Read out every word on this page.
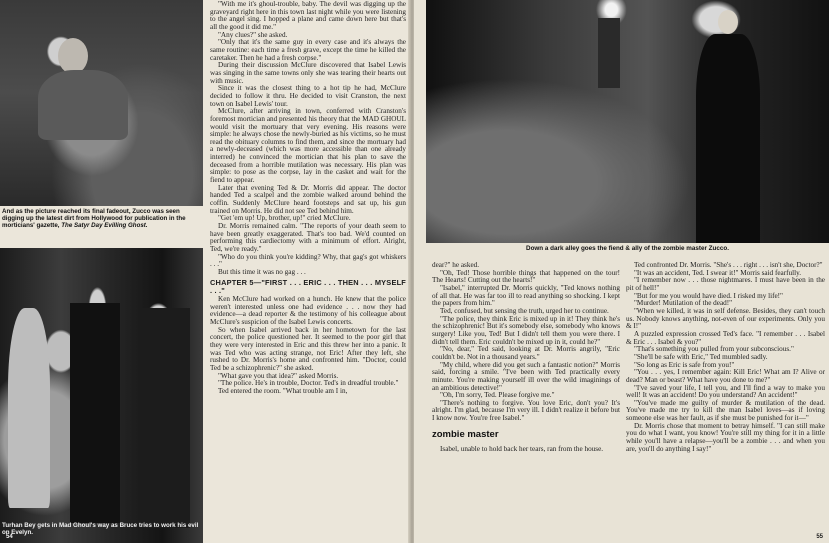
And as the picture reached its final fadeout, Zucco was seen digging up the latest dirt from Hollywood for publication in the morticians' gazette, The Satyr Day Evilling Ghost.
Turhan Bey gets in Mad Ghoul's way as Bruce tries to work his evil on Evelyn.
54

"With me it's ghoul-trouble, baby. The devil was digging up the graveyard right here in this town last night while you were listening to the angel sing. I hopped a plane and came down here but that's all the good it did me."

"Any clues?" she asked.

"Only that it's the same guy in every case and it's always the same routine: each time a fresh grave, except the time he killed the caretaker. Then he had a fresh corpse."

During their discussion McClure discovered that Isabel Lewis was singing in the same towns only she was tearing their hearts out with music.

Since it was the closest thing to a hot tip he had, McClure decided to follow it thru. He decided to visit Cranston, the next town on Isabel Lewis' tour.

McClure, after arriving in town, conferred with Cranston's foremost mortician and presented his theory that the MAD GHOUL would visit the mortuary that very evening. His reasons were simple: he always chose the newly-buried as his victims, so he must read the obituary columns to find them, and since the mortuary had a newly-deceased (which was more accessible than one already interred) he convinced the mortician that his plan to save the deceased from a horrible mutilation was necessary. His plan was simple: to pose as the corpse, lay in the casket and wait for the fiend to appear.

Later that evening Ted & Dr. Morris did appear. The doctor handed Ted a scalpel and the zombie walked around behind the coffin. Suddenly McClure heard footsteps and sat up, his gun trained on Morris. He did not see Ted behind him.

"Get 'em up! Up, brother, up!" cried McClure.

Dr. Morris remained calm. "The reports of your death seem to have been greatly exaggerated. That's too bad. We'd counted on performing this cardiectomy with a minimum of effort. Alright, Ted, we're ready."

"Who do you think you're kidding? Why, that gag's got whiskers . . ."

But this time it was no gag . . .

CHAPTER 5—"FIRST . . . ERIC . . . THEN . . . MYSELF . . ."

Ken McClure had worked on a hunch. He knew that the police weren't interested unless one had evidence . . . now they had evidence—a dead reporter & the testimony of his colleague about McClure's suspicion of the Isabel Lewis concerts.

So when Isabel arrived back in her hometown for the last concert, the police questioned her. It seemed to the poor girl that they were very interested in Eric and this threw her into a panic. It was Ted who was acting strange, not Eric! After they left, she rushed to Dr. Morris's home and confronted him. "Doctor, could Ted be a schizophrenic?" she asked.

"What gave you that idea?" asked Morris.

"The police. He's in trouble, Doctor. Ted's in dreadful trouble."

Ted entered the room. "What trouble am I in,

Down a dark alley goes the fiend & ally of the zombie master Zucco.

dear?" he asked.

"Oh, Ted! Those horrible things that happened on the tour! The Hearts! Cutting out the hearts!"

"Isabel," interrupted Dr. Morris quickly, "Ted knows nothing of all that. He was far too ill to read anything so shocking. I kept the papers from him."

Ted, confused, but sensing the truth, urged her to continue.

"The police, they think Eric is mixed up in it! They think he's the schizophrenic! But it's somebody else, somebody who knows surgery! Like you, Ted! But I didn't tell them you were there. I didn't tell them. Eric couldn't be mixed up in it, could he?"

"No, dear," Ted said, looking at Dr. Morris angrily, "Eric couldn't be. Not in a thousand years."

"My child, where did you get such a fantastic notion?" Morris said, forcing a smile. "I've been with Ted practically every minute. You're making yourself ill over the wild imaginings of an ambitious detective!"

"Oh, I'm sorry, Ted. Please forgive me."

"There's nothing to forgive. You love Eric, don't you? It's alright. I'm glad, because I'm very ill. I didn't realize it before but I know now. You're free Isabel."

zombie master

Isabel, unable to hold back her tears, ran from the house.

Ted confronted Dr. Morris. "She's . . . right . . . isn't she, Doctor?"

"It was an accident, Ted. I swear it!" Morris said fearfully.

"I remember now . . . those nightmares. I must have been in the pit of hell!"

"But for me you would have died. I risked my life!"

"Murder! Mutilation of the dead!"

"When we killed, it was in self defense. Besides, they can't touch us. Nobody knows anything, not-even of our experiments. Only you & I!"

A puzzled expression crossed Ted's face. "I remember . . . Isabel & Eric . . . Isabel & you?"

"That's something you pulled from your subconscious."

"She'll be safe with Eric," Ted mumbled sadly.

"So long as Eric is safe from you!"

"You . . . yes, I remember again: Kill Eric! What am I? Alive or dead? Man or beast? What have you done to me?"

"I've saved your life, I tell you, and I'll find a way to make you well! It was an accident! Do you understand? An accident!"

"You've made me guilty of murder & mutilation of the dead. You've made me try to kill the man Isabel loves—as if loving someone else was her fault, as if she must be punished for it—"

Dr. Morris chose that moment to betray himself. "I can still make you do what I want, you know! You're still my thing for it in a little while you'll have a relapse—you'll be a zombie . . . and when you are, you'll do anything I say!"

55
